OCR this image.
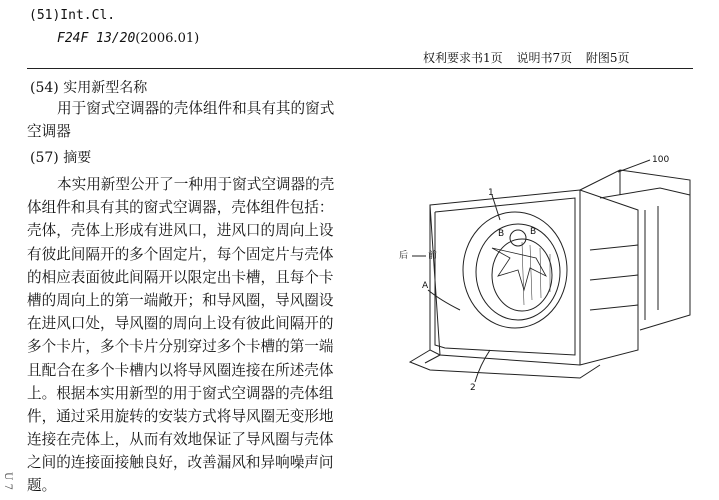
(51)Int.Cl.
F24F 13/20(2006.01)
权利要求书1页 说明书7页 附图5页
(54) 实用新型名称
用于窗式空调器的壳体组件和具有其的窗式
空调器
(57) 摘要
本实用新型公开了一种用于窗式空调器的壳
体组件和具有其的窗式空调器，壳体组件包括：
壳体，壳体上形成有进风口，进风口的周向上设
有彼此间隔开的多个固定片，每个固定片与壳体
的相应表面彼此间隔开以限定出卡槽，且每个卡
槽的周向上的第一端敞开；和导风圈，导风圈设
在进风口处，导风圈的周向上设有彼此间隔开的
多个卡片，多个卡片分别穿过多个卡槽的第一端
且配合在多个卡槽内以将导风圈连接在所述壳体
上。根据本实用新型的用于窗式空调器的壳体组
件，通过采用旋转的安装方式将导风圈无变形地
连接在壳体上，从而有效地保证了导风圈与壳体
之间的连接面接触良好，改善漏风和异响噪声问
题。
100
1
B	B
后 前
A
2
U 7
